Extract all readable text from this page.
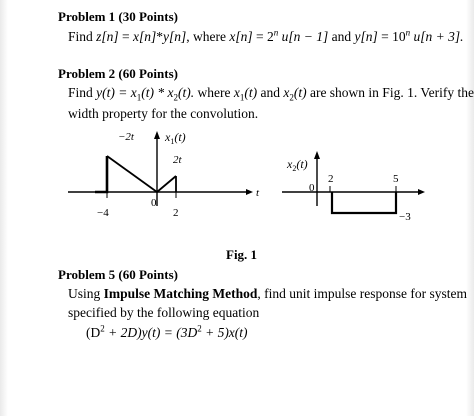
Problem 1 (30 Points)
Find z[n] = x[n]*y[n], where $x[n] = 2^n$ u[n − 1] and $y[n] = 10^n$ u[n + 3].
Problem 2 (60 Points)
Find $y(t) = x_1(t) * x_2(t)$. where $x_1(t)$ and $x_2(t)$ are shown in Fig. 1. Verify the
width property for the convolution.
−2t
2t
$x_1(t)$
t
−4
0
2
$x_2(t)$
0
2	5
−3
Fig. 1
Problem 5 (60 Points)
Using Impulse Matching Method, find unit impulse response for system
specified by the following equation
$(D^2 + 2D)y(t) = (3D^2 + 5)x(t)$
